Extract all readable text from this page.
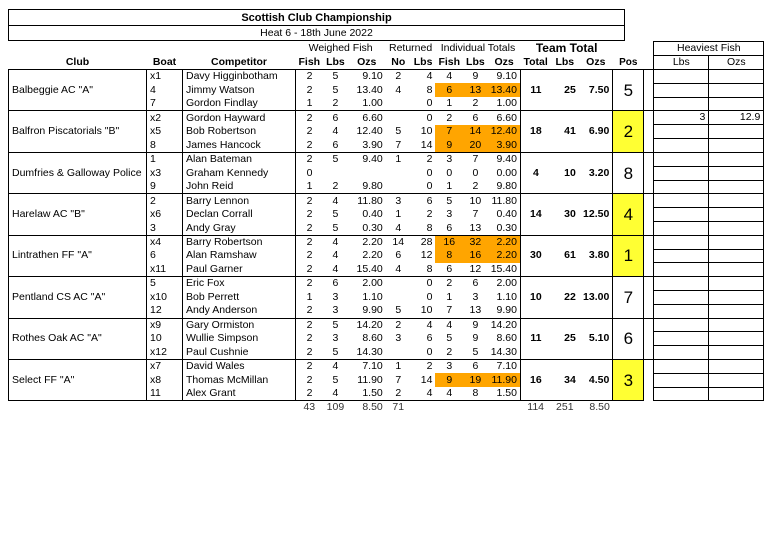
Scottish Club Championship
Heat 6 - 18th June 2022
			Weighed Fish			Returned		Individual Totals			Team Total					Heaviest Fish	
Club	Boat	Competitor	Fish	Lbs	Ozs	No	Lbs	Fish	Lbs	Ozs	Total	Lbs	Ozs	Pos		Lbs	Ozs
Balbeggie AC "A"	x1	Davy Higginbotham	2	5	9.10	2	4	4	9	9.10	11	25	7.50	5			
	4	Jimmy Watson	2	5	13.40	4	8	6	13	13.40							
	7	Gordon Findlay	1	2	1.00		0	1	2	1.00							
Balfron Piscatorials "B"	x2	Gordon Hayward	2	6	6.60		0	2	6	6.60	18	41	6.90	2		3	12.9
	x5	Bob Robertson	2	4	12.40	5	10	7	14	12.40							
	8	James Hancock	2	6	3.90	7	14	9	20	3.90							
Dumfries & Galloway Police	1	Alan Bateman	2	5	9.40	1	2	3	7	9.40	4	10	3.20	8			
	x3	Graham Kennedy	0				0	0	0	0.00							
	9	John Reid	1	2	9.80		0	1	2	9.80							
Harelaw AC "B"	2	Barry Lennon	2	4	11.80	3	6	5	10	11.80	14	30	12.50	4			
	x6	Declan Corrall	2	5	0.40	1	2	3	7	0.40							
	3	Andy Gray	2	5	0.30	4	8	6	13	0.30							
Lintrathen FF "A"	x4	Barry Robertson	2	4	2.20	14	28	16	32	2.20	30	61	3.80	1			
	6	Alan Ramshaw	2	4	2.20	6	12	8	16	2.20							
	x11	Paul Garner	2	4	15.40	4	8	6	12	15.40							
Pentland CS AC "A"	5	Eric Fox	2	6	2.00		0	2	6	2.00	10	22	13.00	7			
	x10	Bob Perrett	1	3	1.10		0	1	3	1.10							
	12	Andy Anderson	2	3	9.90	5	10	7	13	9.90							
Rothes Oak AC "A"	x9	Gary Ormiston	2	5	14.20	2	4	4	9	14.20	11	25	5.10	6			
	10	Wullie Simpson	2	3	8.60	3	6	5	9	8.60							
	x12	Paul Cushnie	2	5	14.30		0	2	5	14.30							
Select FF "A"	x7	David Wales	2	4	7.10	1	2	3	6	7.10	16	34	4.50	3			
	x8	Thomas McMillan	2	5	11.90	7	14	9	19	11.90							
	11	Alex Grant	2	4	1.50	2	4	4	8	1.50							
			43	109	8.50	71					114	251	8.50				
